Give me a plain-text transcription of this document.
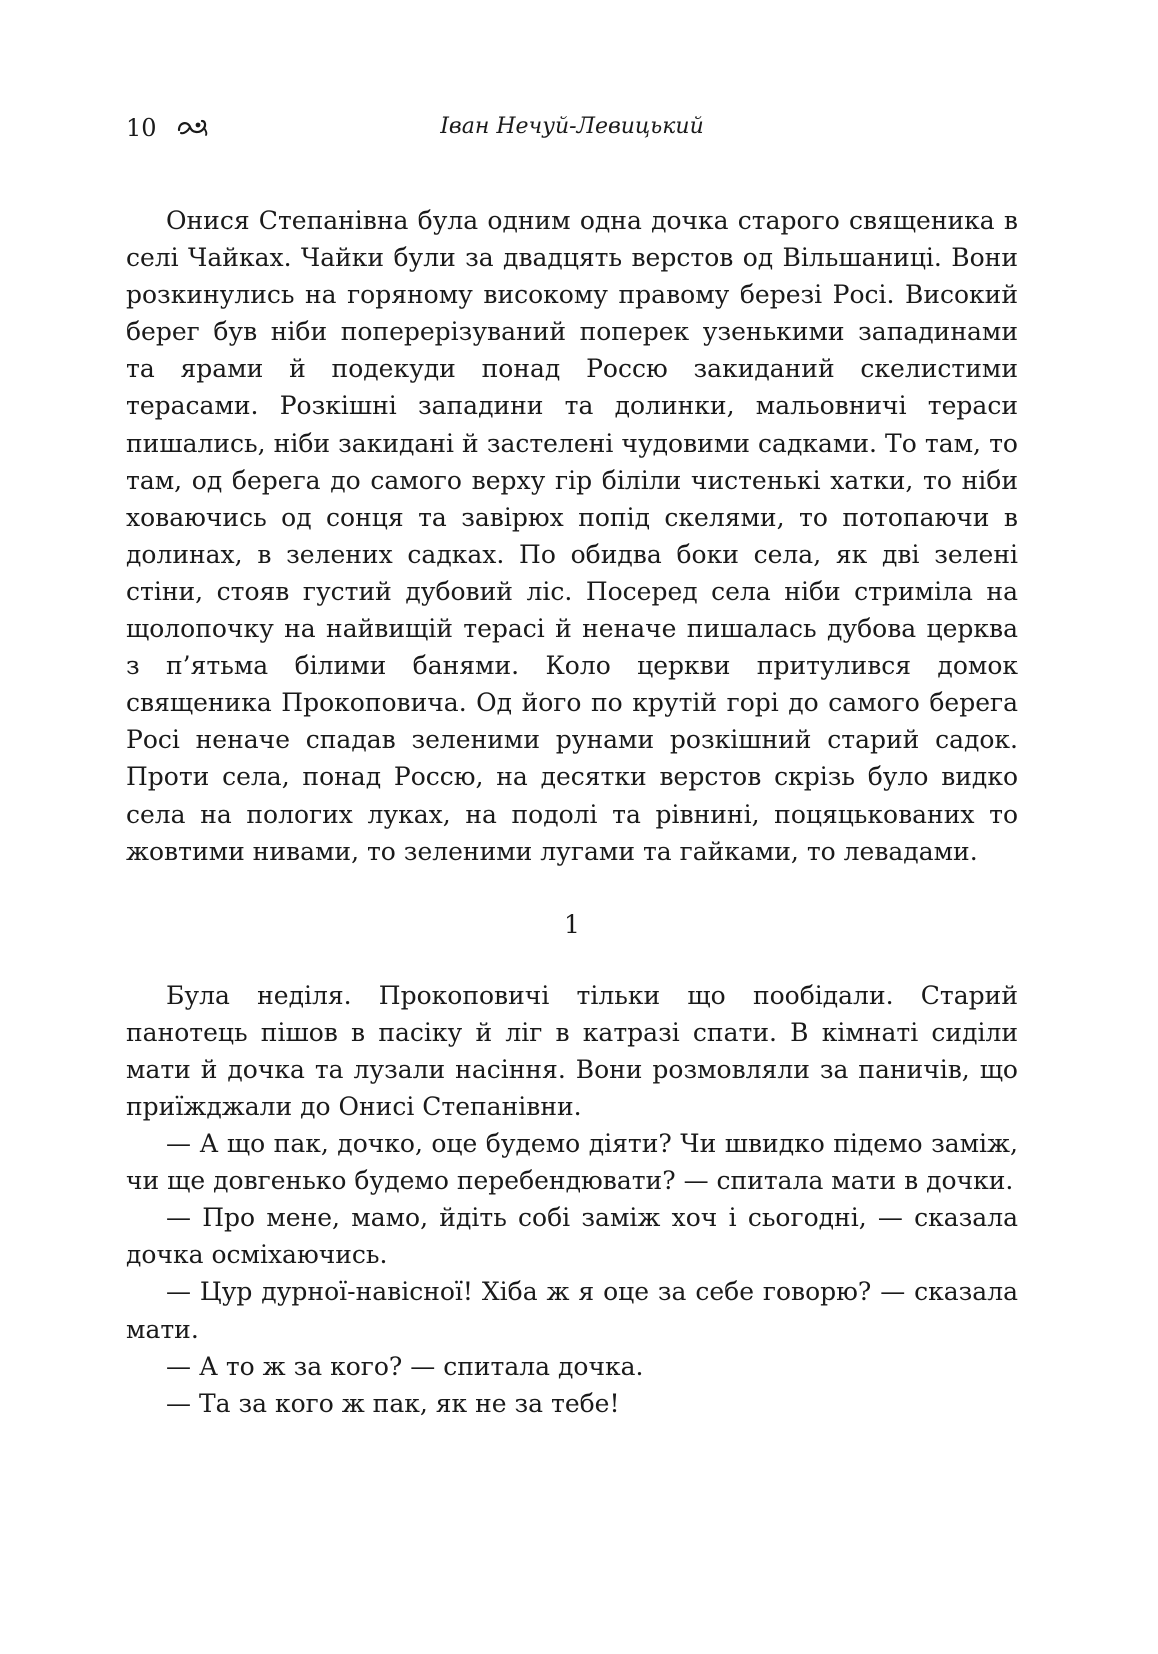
10	Іван Нечуй-Левицький

Онися Степанівна була одним одна дочка старого священика в селі Чайках. Чайки були за двадцять верстов од Вільшаниці. Вони розкинулись на горяному високому правому березі Росі. Високий берег був ніби поперерізуваний поперек узенькими западинами та ярами й подекуди понад Россю закиданий скелистими терасами. Розкішні западини та долинки, мальовничі тераси пишались, ніби закидані й застелені чудовими садками. То там, то там, од берега до самого верху гір біліли чистенькі хатки, то ніби ховаючись од сонця та завірюх попід скелями, то потопаючи в долинах, в зелених садках. По обидва боки села, як дві зелені стіни, стояв густий дубовий ліс. Посеред села ніби стриміла на щолопочку на найвищій терасі й неначе пишалась дубова церква з п’ятьма білими банями. Коло церкви притулився домок священика Прокоповича. Од його по крутій горі до самого берега Росі неначе спадав зеленими рунами розкішний старий садок. Проти села, понад Россю, на десятки верстов скрізь було видко села на пологих луках, на подолі та рівнині, поцяцькованих то жовтими нивами, то зеленими лугами та гайками, то левадами.

1

Була неділя. Прокоповичі тільки що пообідали. Старий панотець пішов в пасіку й ліг в катразі спати. В кімнаті сиділи мати й дочка та лузали насіння. Вони розмовляли за паничів, що приїжджали до Онисі Степанівни.

— А що пак, дочко, оце будемо діяти? Чи швидко підемо заміж, чи ще довгенько будемо перебендювати? — спитала мати в дочки.

— Про мене, мамо, йдіть собі заміж хоч і сьогодні, — сказала дочка осміхаючись.

— Цур дурної-навісної! Хіба ж я оце за себе говорю? — сказала мати.

— А то ж за кого? — спитала дочка.

— Та за кого ж пак, як не за тебе!
